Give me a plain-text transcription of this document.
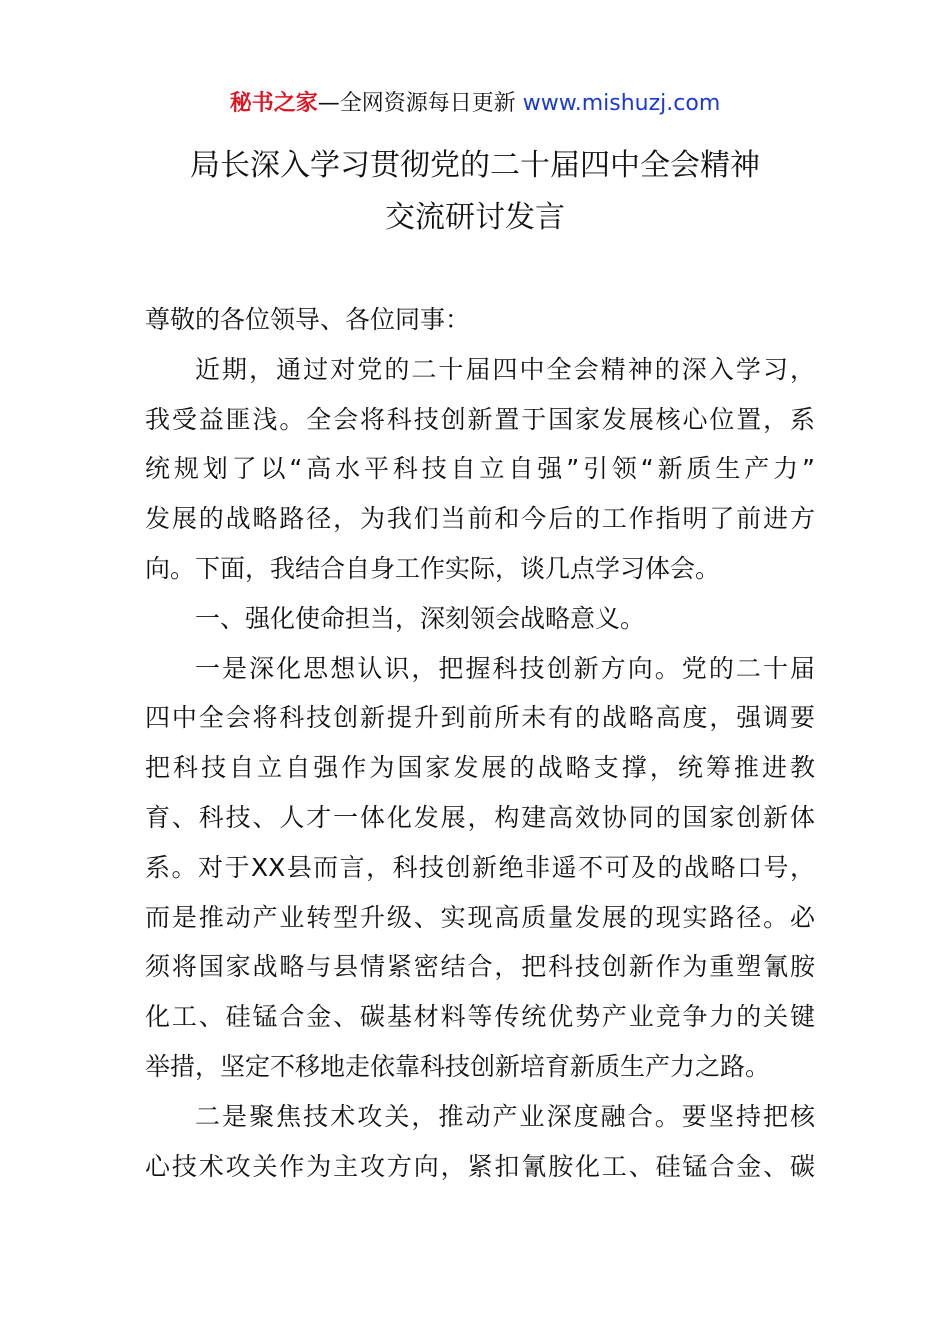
秘书之家—全网资源每日更新 www.mishuzj.com
局长深入学习贯彻党的二十届四中全会精神
交流研讨发言
尊敬的各位领导、各位同事：
近期，通过对党的二十届四中全会精神的深入学习，
我受益匪浅。全会将科技创新置于国家发展核心位置，系
统规划了以“高水平科技自立自强”引领“新质生产力”
发展的战略路径，为我们当前和今后的工作指明了前进方
向。下面，我结合自身工作实际，谈几点学习体会。
一、强化使命担当，深刻领会战略意义。
一是深化思想认识，把握科技创新方向。党的二十届
四中全会将科技创新提升到前所未有的战略高度，强调要
把科技自立自强作为国家发展的战略支撑，统筹推进教
育、科技、人才一体化发展，构建高效协同的国家创新体
系。对于XX县而言，科技创新绝非遥不可及的战略口号，
而是推动产业转型升级、实现高质量发展的现实路径。必
须将国家战略与县情紧密结合，把科技创新作为重塑氰胺
化工、硅锰合金、碳基材料等传统优势产业竞争力的关键
举措，坚定不移地走依靠科技创新培育新质生产力之路。
二是聚焦技术攻关，推动产业深度融合。要坚持把核
心技术攻关作为主攻方向，紧扣氰胺化工、硅锰合金、碳
